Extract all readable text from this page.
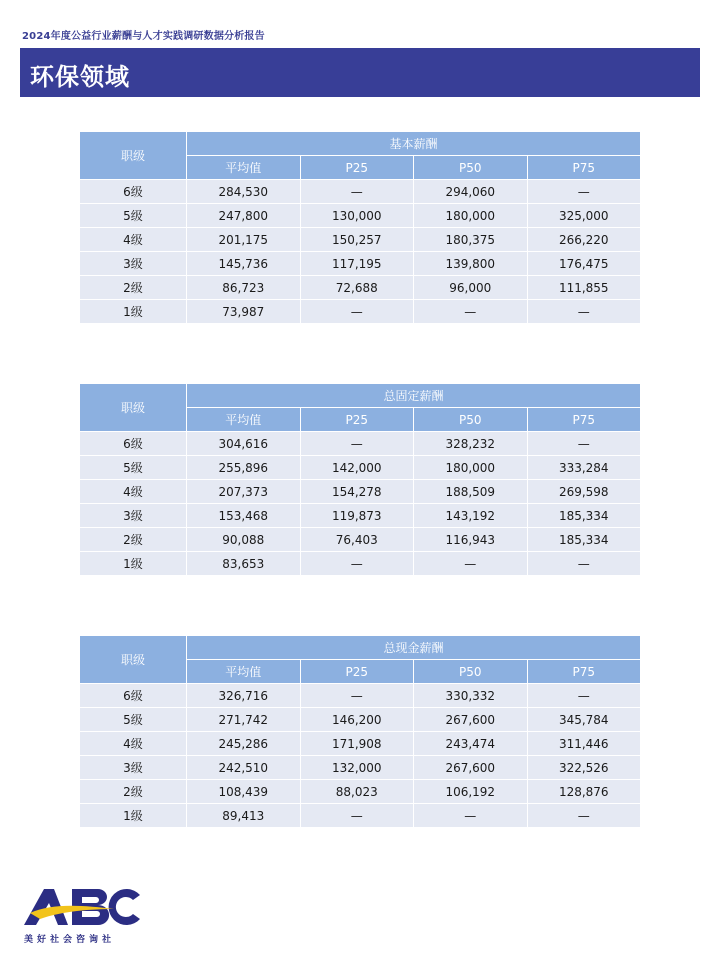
2024年度公益行业薪酬与人才实践调研数据分析报告
环保领域
职级	基本薪酬			
	平均值	P25	P50	P75
6级	284,530	—	294,060	—
5级	247,800	130,000	180,000	325,000
4级	201,175	150,257	180,375	266,220
3级	145,736	117,195	139,800	176,475
2级	86,723	72,688	96,000	111,855
1级	73,987	—	—	—
职级	总固定薪酬			
	平均值	P25	P50	P75
6级	304,616	—	328,232	—
5级	255,896	142,000	180,000	333,284
4级	207,373	154,278	188,509	269,598
3级	153,468	119,873	143,192	185,334
2级	90,088	76,403	116,943	185,334
1级	83,653	—	—	—
职级	总现金薪酬			
	平均值	P25	P50	P75
6级	326,716	—	330,332	—
5级	271,742	146,200	267,600	345,784
4级	245,286	171,908	243,474	311,446
3级	242,510	132,000	267,600	322,526
2级	108,439	88,023	106,192	128,876
1级	89,413	—	—	—
美好社会咨询社
